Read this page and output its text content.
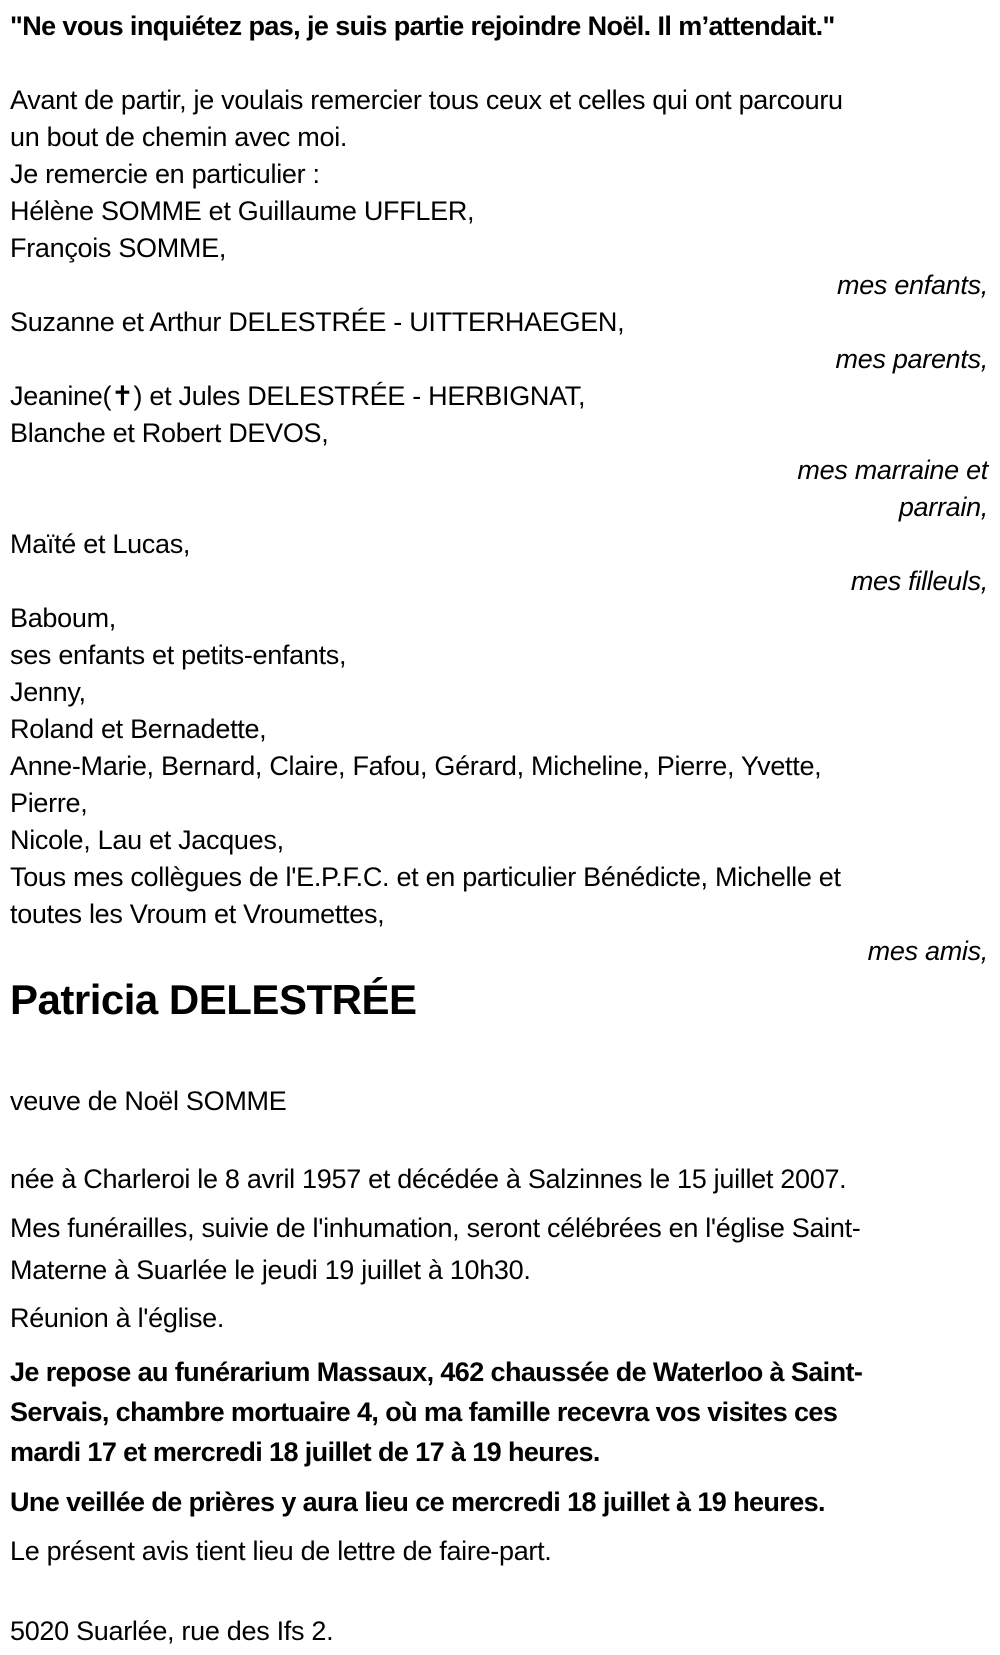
"Ne vous inquiétez pas, je suis partie rejoindre Noël. Il m’attendait."
Avant de partir, je voulais remercier tous ceux et celles qui ont parcouru
un bout de chemin avec moi.
Je remercie en particulier :
Hélène SOMME et Guillaume UFFLER,
François SOMME,
mes enfants,
Suzanne et Arthur DELESTRÉE - UITTERHAEGEN,
mes parents,
Jeanine(✝) et Jules DELESTRÉE - HERBIGNAT,
Blanche et Robert DEVOS,
mes marraine et
parrain,
Maïté et Lucas,
mes filleuls,
Baboum,
ses enfants et petits-enfants,
Jenny,
Roland et Bernadette,
Anne-Marie, Bernard, Claire, Fafou, Gérard, Micheline, Pierre, Yvette,
Pierre,
Nicole, Lau et Jacques,
Tous mes collègues de l'E.P.F.C. et en particulier Bénédicte, Michelle et
toutes les Vroum et Vroumettes,
mes amis,
Patricia DELESTRÉE
veuve de Noël SOMME
née à Charleroi le 8 avril 1957 et décédée à Salzinnes le 15 juillet 2007.
Mes funérailles, suivie de l'inhumation, seront célébrées en l'église Saint-
Materne à Suarlée le jeudi 19 juillet à 10h30.
Réunion à l'église.
Je repose au funérarium Massaux, 462 chaussée de Waterloo à Saint-
Servais, chambre mortuaire 4, où ma famille recevra vos visites ces
mardi 17 et mercredi 18 juillet de 17 à 19 heures.
Une veillée de prières y aura lieu ce mercredi 18 juillet à 19 heures.
Le présent avis tient lieu de lettre de faire-part.
5020 Suarlée, rue des Ifs 2.
